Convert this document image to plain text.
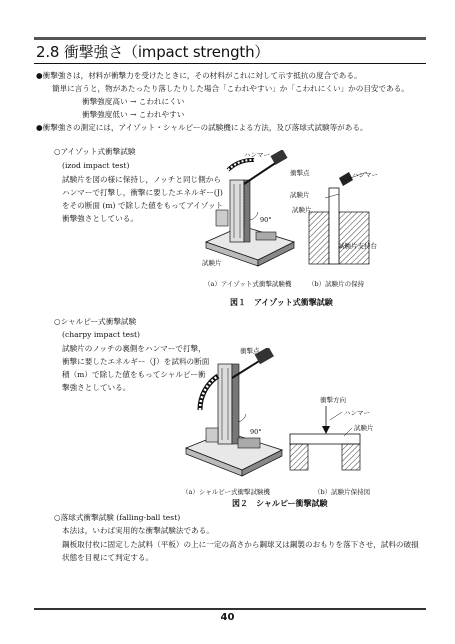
2.8 衝撃強さ（impact strength）
●衝撃強さは，材料が衝撃力を受けたときに，その材料がこれに対して示す抵抗の度合である。
簡単に言うと，物があたったり落したりした場合「こわれやすい」か「こわれにくい」かの目安である。
衝撃強度高い → こわれにくい
衝撃強度低い → こわれやすい
●衝撃強さの測定には，アイゾット・シャルピーの試験機による方法，及び落球式試験等がある。
○アイゾット式衝撃試験
(izod impact test)
試験片を図の様に保持し，ノッチと同じ側から
ハンマーで打撃し，衝撃に要したエネルギー(J)
をその断面 (m) で除した値をもってアイゾット
衝撃強さとしている。
ハンマー
衝撃点
試験片
90°
試験片
ハンマー
試験片
試験片支持台
（a）アイゾット式衝撃試験機	（b）試験片の保持
図１　アイゾット式衝撃試験
○シャルピー式衝撃試験
(charpy impact test)
試験片のノッチの裏側をハンマーで打撃，
衝撃に要したエネルギー（J）を試料の断面
積（m）で除した値をもってシャルピー衝
撃強さとしている。
衝撃点
90°
衝撃方向
ハンマー
試験片
（a）シャルピー式衝撃試験機	（b）試験片保持図
図２　シャルピー衝撃試験
○落球式衝撃試験 (falling-ball test)
本法は，いわば実用的な衝撃試験法である。
鋼板取付枚に固定した試料（平板）の上に一定の高さから鋼球又は鋼製のおもりを落下させ，試料の破損
状態を目視にて判定する。
40
